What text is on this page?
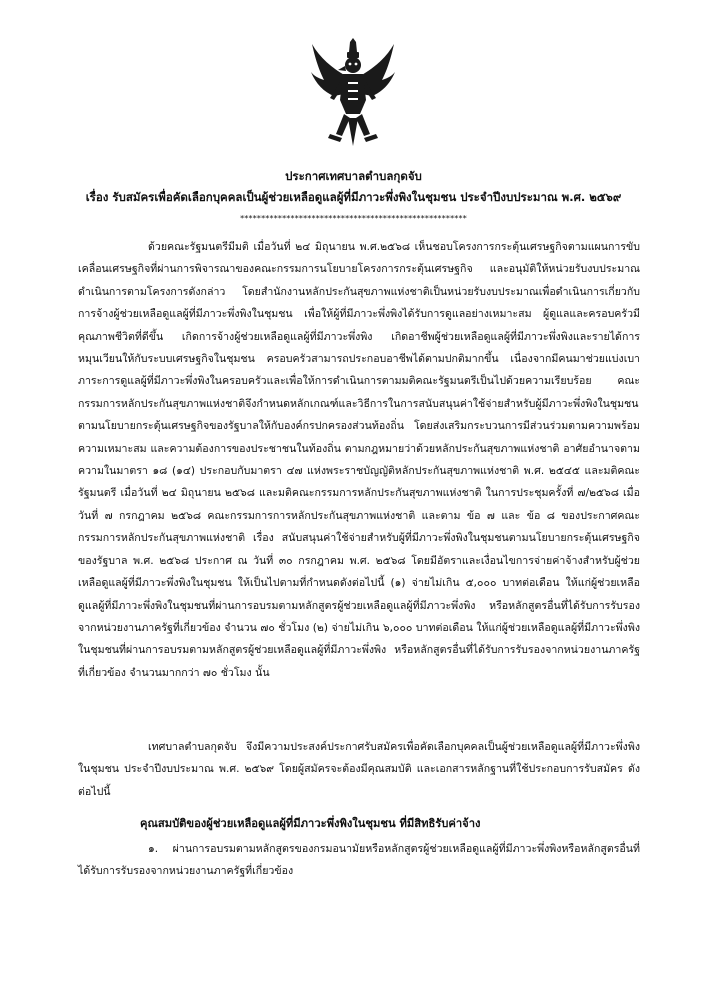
ประกาศเทศบาลตำบลกุดจับ
เรื่อง รับสมัครเพื่อคัดเลือกบุคคลเป็นผู้ช่วยเหลือดูแลผู้ที่มีภาวะพึ่งพิงในชุมชน ประจำปีงบประมาณ พ.ศ. ๒๕๖๙
******************************************************
ด้วยคณะรัฐมนตรีมีมติ เมื่อวันที่ ๒๔ มิถุนายน พ.ศ.๒๕๖๘ เห็นชอบโครงการกระตุ้นเศรษฐกิจตามแผนการขับเคลื่อนเศรษฐกิจที่ผ่านการพิจารณาของคณะกรรมการนโยบายโครงการกระตุ้นเศรษฐกิจ และอนุมัติให้หน่วยรับงบประมาณดำเนินการตามโครงการดังกล่าว โดยสำนักงานหลักประกันสุขภาพแห่งชาติเป็นหน่วยรับงบประมาณเพื่อดำเนินการเกี่ยวกับการจ้างผู้ช่วยเหลือดูแลผู้ที่มีภาวะพึ่งพิงในชุมชน เพื่อให้ผู้ที่มีภาวะพึ่งพิงได้รับการดูแลอย่างเหมาะสม ผู้ดูแลและครอบครัวมีคุณภาพชีวิตที่ดีขึ้น เกิดการจ้างผู้ช่วยเหลือดูแลผู้ที่มีภาวะพึ่งพิง เกิดอาชีพผู้ช่วยเหลือดูแลผู้ที่มีภาวะพึ่งพิงและรายได้การหมุนเวียนให้กับระบบเศรษฐกิจในชุมชน ครอบครัวสามารถประกอบอาชีพได้ตามปกติมากขึ้น เนื่องจากมีคนมาช่วยแบ่งเบาภาระการดูแลผู้ที่มีภาวะพึ่งพิงในครอบครัวและเพื่อให้การดำเนินการตามมติคณะรัฐมนตรีเป็นไปด้วยความเรียบร้อย คณะกรรมการหลักประกันสุขภาพแห่งชาติจึงกำหนดหลักเกณฑ์และวิธีการในการสนับสนุนค่าใช้จ่ายสำหรับผู้มีภาวะพึ่งพิงในชุมชนตามนโยบายกระตุ้นเศรษฐกิจของรัฐบาลให้กับองค์กรปกครองส่วนท้องถิ่น โดยส่งเสริมกระบวนการมีส่วนร่วมตามความพร้อม ความเหมาะสม และความต้องการของประชาชนในท้องถิ่น ตามกฎหมายว่าด้วยหลักประกันสุขภาพแห่งชาติ อาศัยอำนาจตามความในมาตรา ๑๘ (๑๔) ประกอบกับมาตรา ๔๗ แห่งพระราชบัญญัติหลักประกันสุขภาพแห่งชาติ พ.ศ. ๒๕๔๕ และมติคณะรัฐมนตรี เมื่อวันที่ ๒๔ มิถุนายน ๒๕๖๘ และมติคณะกรรมการหลักประกันสุขภาพแห่งชาติ ในการประชุมครั้งที่ ๗/๒๕๖๘ เมื่อวันที่ ๗ กรกฎาคม ๒๕๖๘ คณะกรรมการการหลักประกันสุขภาพแห่งชาติ และตาม ข้อ ๗ และ ข้อ ๘ ของประกาศคณะกรรมการหลักประกันสุขภาพแห่งชาติ เรื่อง สนับสนุนค่าใช้จ่ายสำหรับผู้ที่มีภาวะพึ่งพิงในชุมชนตามนโยบายกระตุ้นเศรษฐกิจของรัฐบาล พ.ศ. ๒๕๖๘ ประกาศ ณ วันที่ ๓๐ กรกฎาคม พ.ศ. ๒๕๖๘ โดยมีอัตราและเงื่อนไขการจ่ายค่าจ้างสำหรับผู้ช่วยเหลือดูแลผู้ที่มีภาวะพึ่งพิงในชุมชน ให้เป็นไปตามที่กำหนดดังต่อไปนี้ (๑) จ่ายไม่เกิน ๕,๐๐๐ บาทต่อเดือน ให้แก่ผู้ช่วยเหลือดูแลผู้ที่มีภาวะพึ่งพิงในชุมชนที่ผ่านการอบรมตามหลักสูตรผู้ช่วยเหลือดูแลผู้ที่มีภาวะพึ่งพิง หรือหลักสูตรอื่นที่ได้รับการรับรองจากหน่วยงานภาครัฐที่เกี่ยวข้อง จำนวน ๗๐ ชั่วโมง (๒) จ่ายไม่เกิน ๖,๐๐๐ บาทต่อเดือน ให้แก่ผู้ช่วยเหลือดูแลผู้ที่มีภาวะพึ่งพิงในชุมชนที่ผ่านการอบรมตามหลักสูตรผู้ช่วยเหลือดูแลผู้ที่มีภาวะพึ่งพิง หรือหลักสูตรอื่นที่ได้รับการรับรองจากหน่วยงานภาครัฐที่เกี่ยวข้อง จำนวนมากกว่า ๗๐ ชั่วโมง นั้น
เทศบาลตำบลกุดจับ จึงมีความประสงค์ประกาศรับสมัครเพื่อคัดเลือกบุคคลเป็นผู้ช่วยเหลือดูแลผู้ที่มีภาวะพึ่งพิงในชุมชน ประจำปีงบประมาณ พ.ศ. ๒๕๖๙ โดยผู้สมัครจะต้องมีคุณสมบัติ และเอกสารหลักฐานที่ใช้ประกอบการรับสมัคร ดังต่อไปนี้
คุณสมบัติของผู้ช่วยเหลือดูแลผู้ที่มีภาวะพึ่งพิงในชุมชน ที่มีสิทธิรับค่าจ้าง
๑. ผ่านการอบรมตามหลักสูตรของกรมอนามัยหรือหลักสูตรผู้ช่วยเหลือดูแลผู้ที่มีภาวะพึ่งพิงหรือหลักสูตรอื่นที่ได้รับการรับรองจากหน่วยงานภาครัฐที่เกี่ยวข้อง
